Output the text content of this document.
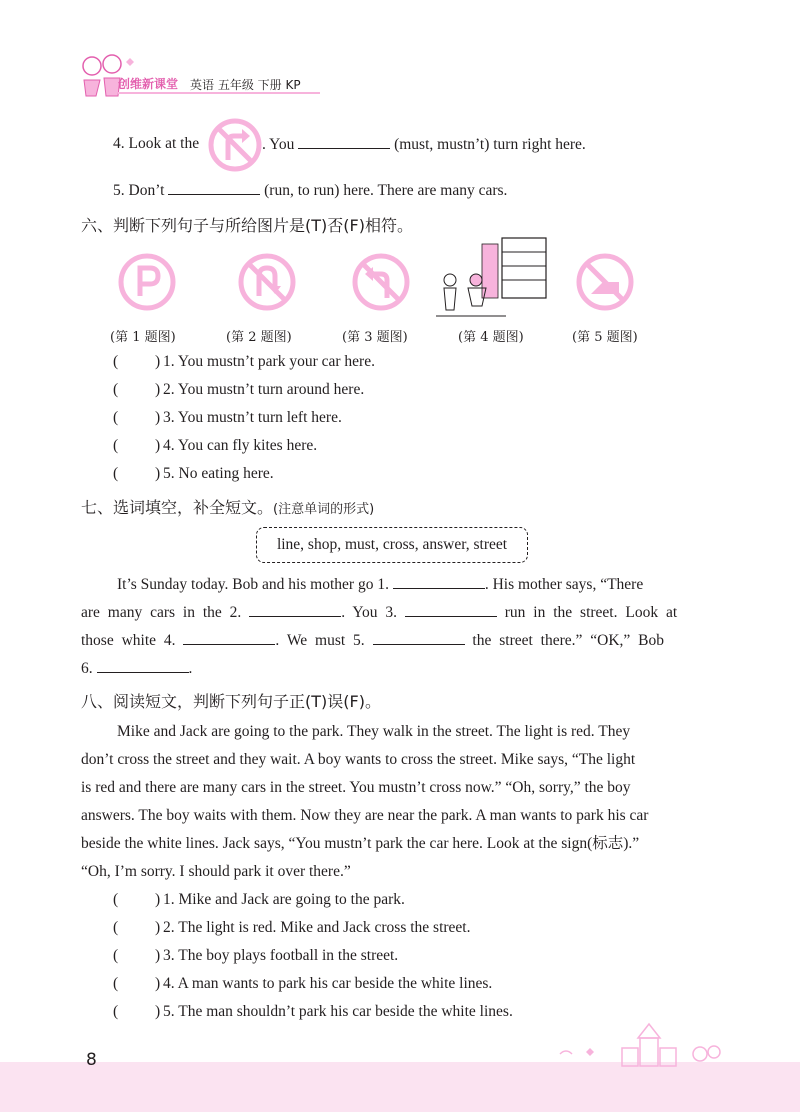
创维新课堂 英语 五年级 下册 KP
4. Look at the	. You	(must, mustn’t) turn right here.
5. Don’t	(run, to run) here. There are many cars.
六、判断下列句子与所给图片是(T)否(F)相符。
(第 1 题图)	(第 2 题图)	(第 3 题图)	(第 4 题图)	(第 5 题图)
( ) 1. You mustn’t park your car here.
( ) 2. You mustn’t turn around here.
( ) 3. You mustn’t turn left here.
( ) 4. You can fly kites here.
( ) 5. No eating here.
七、选词填空，补全短文。(注意单词的形式)
line, shop, must, cross, answer, street
It’s Sunday today. Bob and his mother go 1.	. His mother says, “There
are many cars in the 2.	. You 3.	run in the street. Look at
those white 4.	. We must 5.	the street there.” “OK,” Bob
6.	.
八、阅读短文，判断下列句子正(T)误(F)。
Mike and Jack are going to the park. They walk in the street. The light is red. They
don’t cross the street and they wait. A boy wants to cross the street. Mike says, “The light
is red and there are many cars in the street. You mustn’t cross now.” “Oh, sorry,” the boy
answers. The boy waits with them. Now they are near the park. A man wants to park his car
beside the white lines. Jack says, “You mustn’t park the car here. Look at the sign(标志).”
“Oh, I’m sorry. I should park it over there.”
( ) 1. Mike and Jack are going to the park.
( ) 2. The light is red. Mike and Jack cross the street.
( ) 3. The boy plays football in the street.
( ) 4. A man wants to park his car beside the white lines.
( ) 5. The man shouldn’t park his car beside the white lines.
8
